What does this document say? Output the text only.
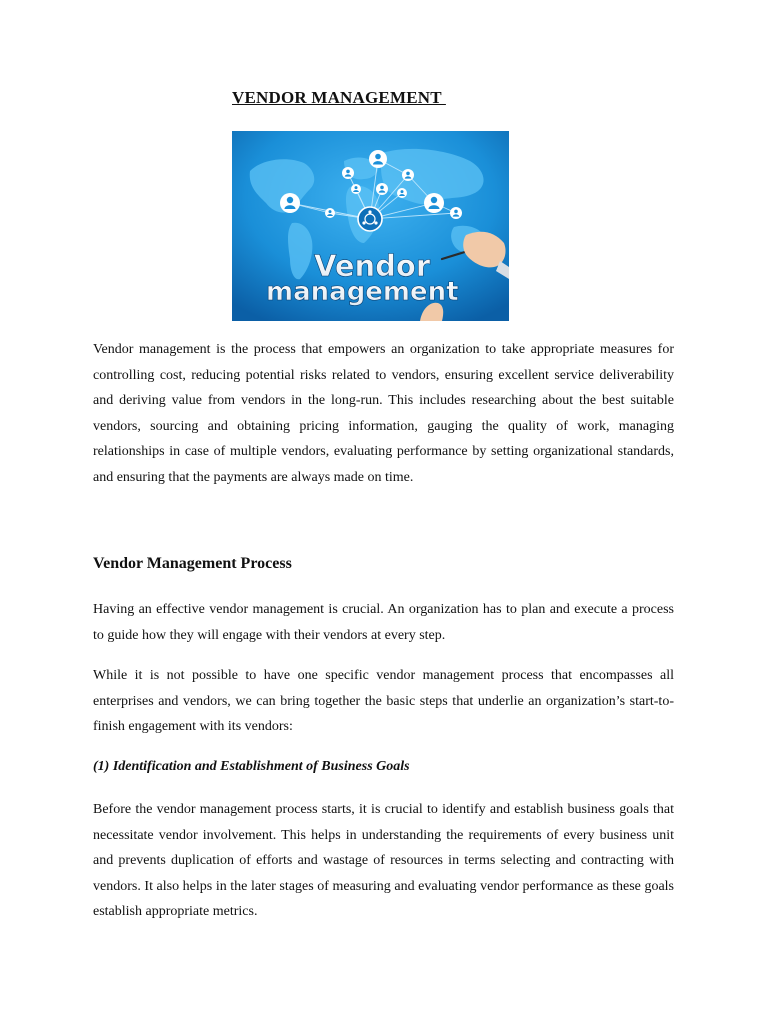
VENDOR MANAGEMENT
Vendor
management

Vendor management is the process that empowers an organization to take appropriate measures for controlling cost, reducing potential risks related to vendors, ensuring excellent service deliverability and deriving value from vendors in the long-run. This includes researching about the best suitable vendors, sourcing and obtaining pricing information, gauging the quality of work, managing relationships in case of multiple vendors, evaluating performance by setting organizational standards, and ensuring that the payments are always made on time.

Vendor Management Process

Having an effective vendor management is crucial. An organization has to plan and execute a process to guide how they will engage with their vendors at every step.

While it is not possible to have one specific vendor management process that encompasses all enterprises and vendors, we can bring together the basic steps that underlie an organization’s start-to-finish engagement with its vendors:

(1) Identification and Establishment of Business Goals

Before the vendor management process starts, it is crucial to identify and establish business goals that necessitate vendor involvement. This helps in understanding the requirements of every business unit and prevents duplication of efforts and wastage of resources in terms selecting and contracting with vendors. It also helps in the later stages of measuring and evaluating vendor performance as these goals establish appropriate metrics.
